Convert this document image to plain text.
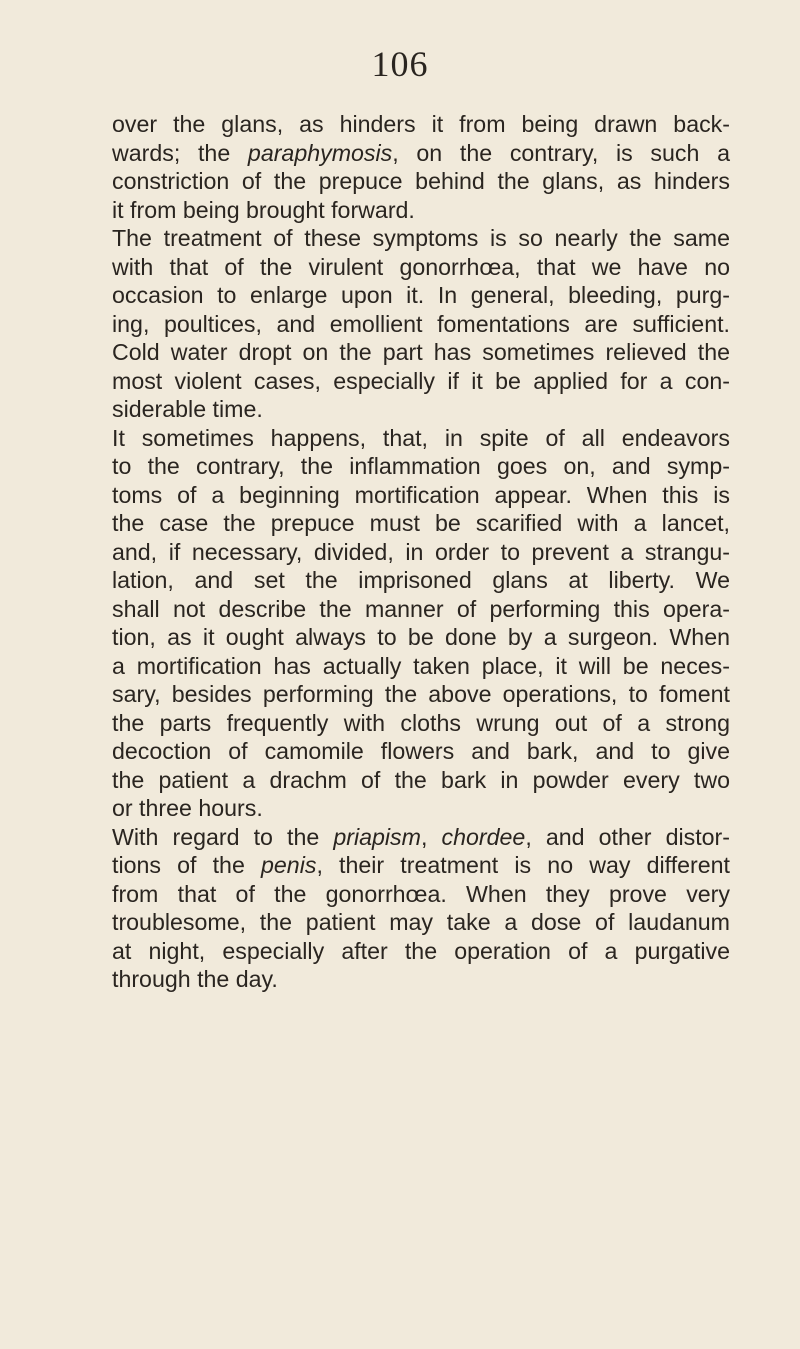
106
over the glans, as hinders it from being drawn back-
wards; the paraphymosis, on the contrary, is such a
constriction of the prepuce behind the glans, as hinders
it from being brought forward.
The treatment of these symptoms is so nearly the same
with that of the virulent gonorrhœa, that we have no
occasion to enlarge upon it. In general, bleeding, purg-
ing, poultices, and emollient fomentations are sufficient.
Cold water dropt on the part has sometimes relieved the
most violent cases, especially if it be applied for a con-
siderable time.
It sometimes happens, that, in spite of all endeavors
to the contrary, the inflammation goes on, and symp-
toms of a beginning mortification appear. When this is
the case the prepuce must be scarified with a lancet,
and, if necessary, divided, in order to prevent a strangu-
lation, and set the imprisoned glans at liberty. We
shall not describe the manner of performing this opera-
tion, as it ought always to be done by a surgeon. When
a mortification has actually taken place, it will be neces-
sary, besides performing the above operations, to foment
the parts frequently with cloths wrung out of a strong
decoction of camomile flowers and bark, and to give
the patient a drachm of the bark in powder every two
or three hours.
With regard to the priapism, chordee, and other distor-
tions of the penis, their treatment is no way different
from that of the gonorrhœa. When they prove very
troublesome, the patient may take a dose of laudanum
at night, especially after the operation of a purgative
through the day.
